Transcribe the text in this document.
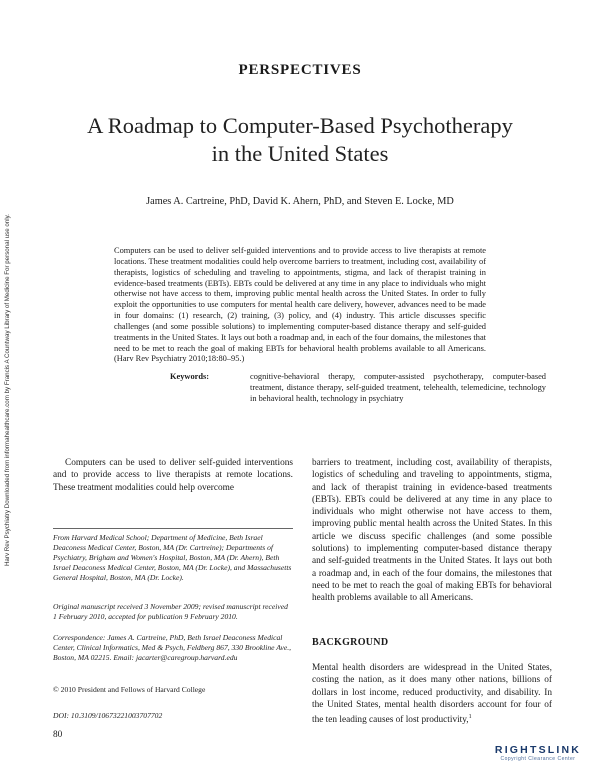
PERSPECTIVES
A Roadmap to Computer-Based Psychotherapy
in the United States
James A. Cartreine, PhD, David K. Ahern, PhD, and Steven E. Locke, MD
Computers can be used to deliver self-guided interventions and to provide access to live therapists at remote locations. These treatment modalities could help overcome barriers to treatment, including cost, availability of therapists, logistics of scheduling and traveling to appointments, stigma, and lack of therapist training in evidence-based treatments (EBTs). EBTs could be delivered at any time in any place to individuals who might otherwise not have access to them, improving public mental health across the United States. In order to fully exploit the opportunities to use computers for mental health care delivery, however, advances need to be made in four domains: (1) research, (2) training, (3) policy, and (4) industry. This article discusses specific challenges (and some possible solutions) to implementing computer-based distance therapy and self-guided treatments in the United States. It lays out both a roadmap and, in each of the four domains, the milestones that need to be met to reach the goal of making EBTs for behavioral health problems available to all Americans. (Harv Rev Psychiatry 2010;18:80–95.)
Keywords:	cognitive-behavioral therapy, computer-assisted psychotherapy, computer-based treatment, distance therapy, self-guided treatment, telehealth, telemedicine, technology in behavioral health, technology in psychiatry
Computers can be used to deliver self-guided interventions and to provide access to live therapists at remote locations. These treatment modalities could help overcome
From Harvard Medical School; Department of Medicine, Beth Israel Deaconess Medical Center, Boston, MA (Dr. Cartreine); Departments of Psychiatry, Brigham and Women's Hospital, Boston, MA (Dr. Ahern), Beth Israel Deaconess Medical Center, Boston, MA (Dr. Locke), and Massachusetts General Hospital, Boston, MA (Dr. Locke).
Original manuscript received 3 November 2009; revised manuscript received 1 February 2010, accepted for publication 9 February 2010.
Correspondence: James A. Cartreine, PhD, Beth Israel Deaconess Medical Center, Clinical Informatics, Med & Psych, Feldberg 867, 330 Brookline Ave., Boston, MA 02215. Email: jacarter@caregroup.harvard.edu
© 2010 President and Fellows of Harvard College
DOI: 10.3109/10673221003707702
80
barriers to treatment, including cost, availability of therapists, logistics of scheduling and traveling to appointments, stigma, and lack of therapist training in evidence-based treatments (EBTs). EBTs could be delivered at any time in any place to individuals who might otherwise not have access to them, improving public mental health across the United States. In this article we discuss specific challenges (and some possible solutions) to implementing computer-based distance therapy and self-guided treatments in the United States. It lays out both a roadmap and, in each of the four domains, the milestones that need to be met to reach the goal of making EBTs for behavioral health problems available to all Americans.
BACKGROUND
Mental health disorders are widespread in the United States, costing the nation, as it does many other nations, billions of dollars in lost income, reduced productivity, and disability. In the United States, mental health disorders account for four of the ten leading causes of lost productivity,$^1$
Harv Rev Psychiatry Downloaded from informahealthcare.com by Francis A Countway Library of Medicine For personal use only.
RIGHTSLINK
Copyright Clearance Center
